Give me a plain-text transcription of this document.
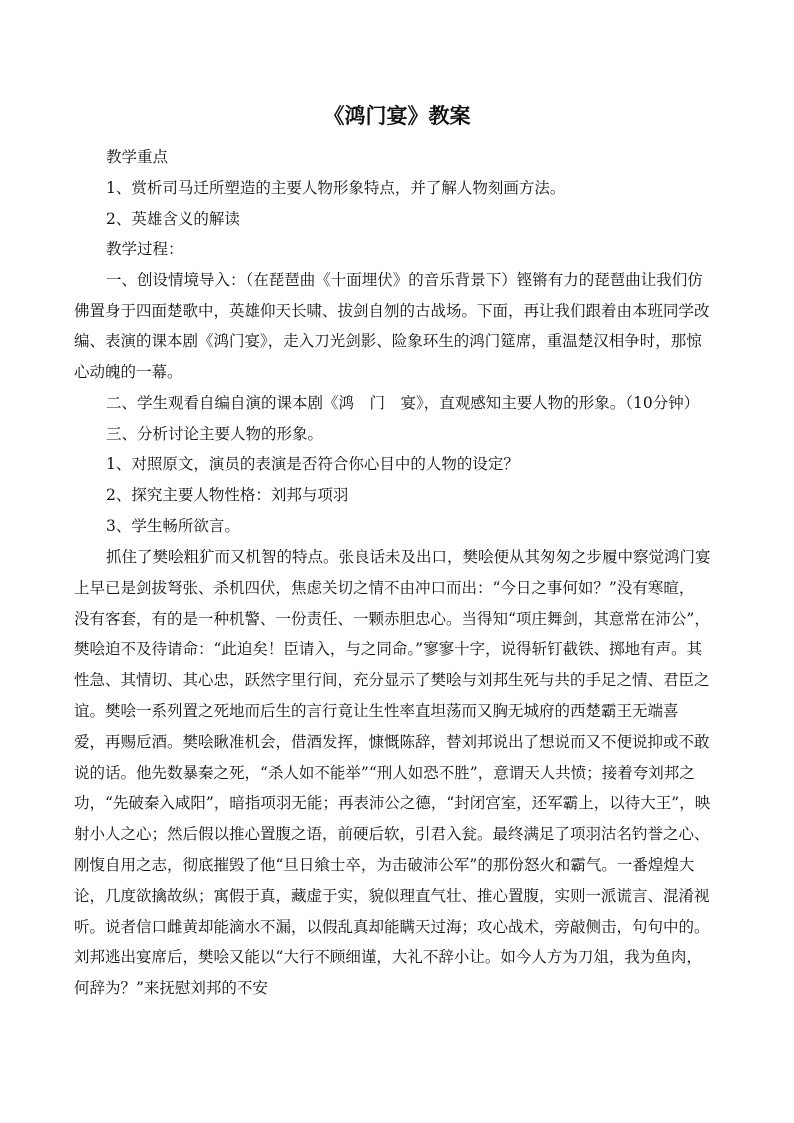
《鸿门宴》教案
教学重点
1、赏析司马迁所塑造的主要人物形象特点，并了解人物刻画方法。
2、英雄含义的解读
教学过程：
一、创设情境导入：（在琵琶曲《十面埋伏》的音乐背景下）铿锵有力的琵琶曲让我们仿
佛置身于四面楚歌中，英雄仰天长啸、拔剑自刎的古战场。下面，再让我们跟着由本班同学改
编、表演的课本剧《鸿门宴》，走入刀光剑影、险象环生的鸿门筵席，重温楚汉相争时，那惊
心动魄的一幕。
二、学生观看自编自演的课本剧《鸿　门　宴》，直观感知主要人物的形象。（10分钟）
三、分析讨论主要人物的形象。
1、对照原文，演员的表演是否符合你心目中的人物的设定？
2、探究主要人物性格：刘邦与项羽
3、学生畅所欲言。
抓住了樊哙粗犷而又机智的特点。张良话未及出口，樊哙便从其匆匆之步履中察觉鸿门宴
上早已是剑拔弩张、杀机四伏，焦虑关切之情不由冲口而出：“今日之事何如？”没有寒暄，
没有客套，有的是一种机警、一份责任、一颗赤胆忠心。当得知“项庄舞剑，其意常在沛公”，
樊哙迫不及待请命：“此迫矣！臣请入，与之同命。”寥寥十字，说得斩钉截铁、掷地有声。其
性急、其情切、其心忠，跃然字里行间，充分显示了樊哙与刘邦生死与共的手足之情、君臣之
谊。樊哙一系列置之死地而后生的言行竟让生性率直坦荡而又胸无城府的西楚霸王无端喜
爱，再赐卮酒。樊哙瞅准机会，借酒发挥，慷慨陈辞，替刘邦说出了想说而又不便说抑或不敢
说的话。他先数暴秦之死，“杀人如不能举”“刑人如恐不胜”，意谓天人共愤；接着夸刘邦之
功，“先破秦入咸阳”，暗指项羽无能；再表沛公之德，“封闭宫室，还军霸上，以待大王”，映
射小人之心；然后假以推心置腹之语，前硬后软，引君入瓮。最终满足了项羽沽名钓誉之心、
刚愎自用之志，彻底摧毁了他“旦日飨士卒，为击破沛公军”的那份怒火和霸气。一番煌煌大
论，几度欲擒故纵；寓假于真，藏虚于实，貌似理直气壮、推心置腹，实则一派谎言、混淆视
听。说者信口雌黄却能滴水不漏，以假乱真却能瞒天过海；攻心战术，旁敲侧击，句句中的。
刘邦逃出宴席后，樊哙又能以“大行不顾细谨，大礼不辞小让。如今人方为刀俎，我为鱼肉，
何辞为？”来抚慰刘邦的不安
